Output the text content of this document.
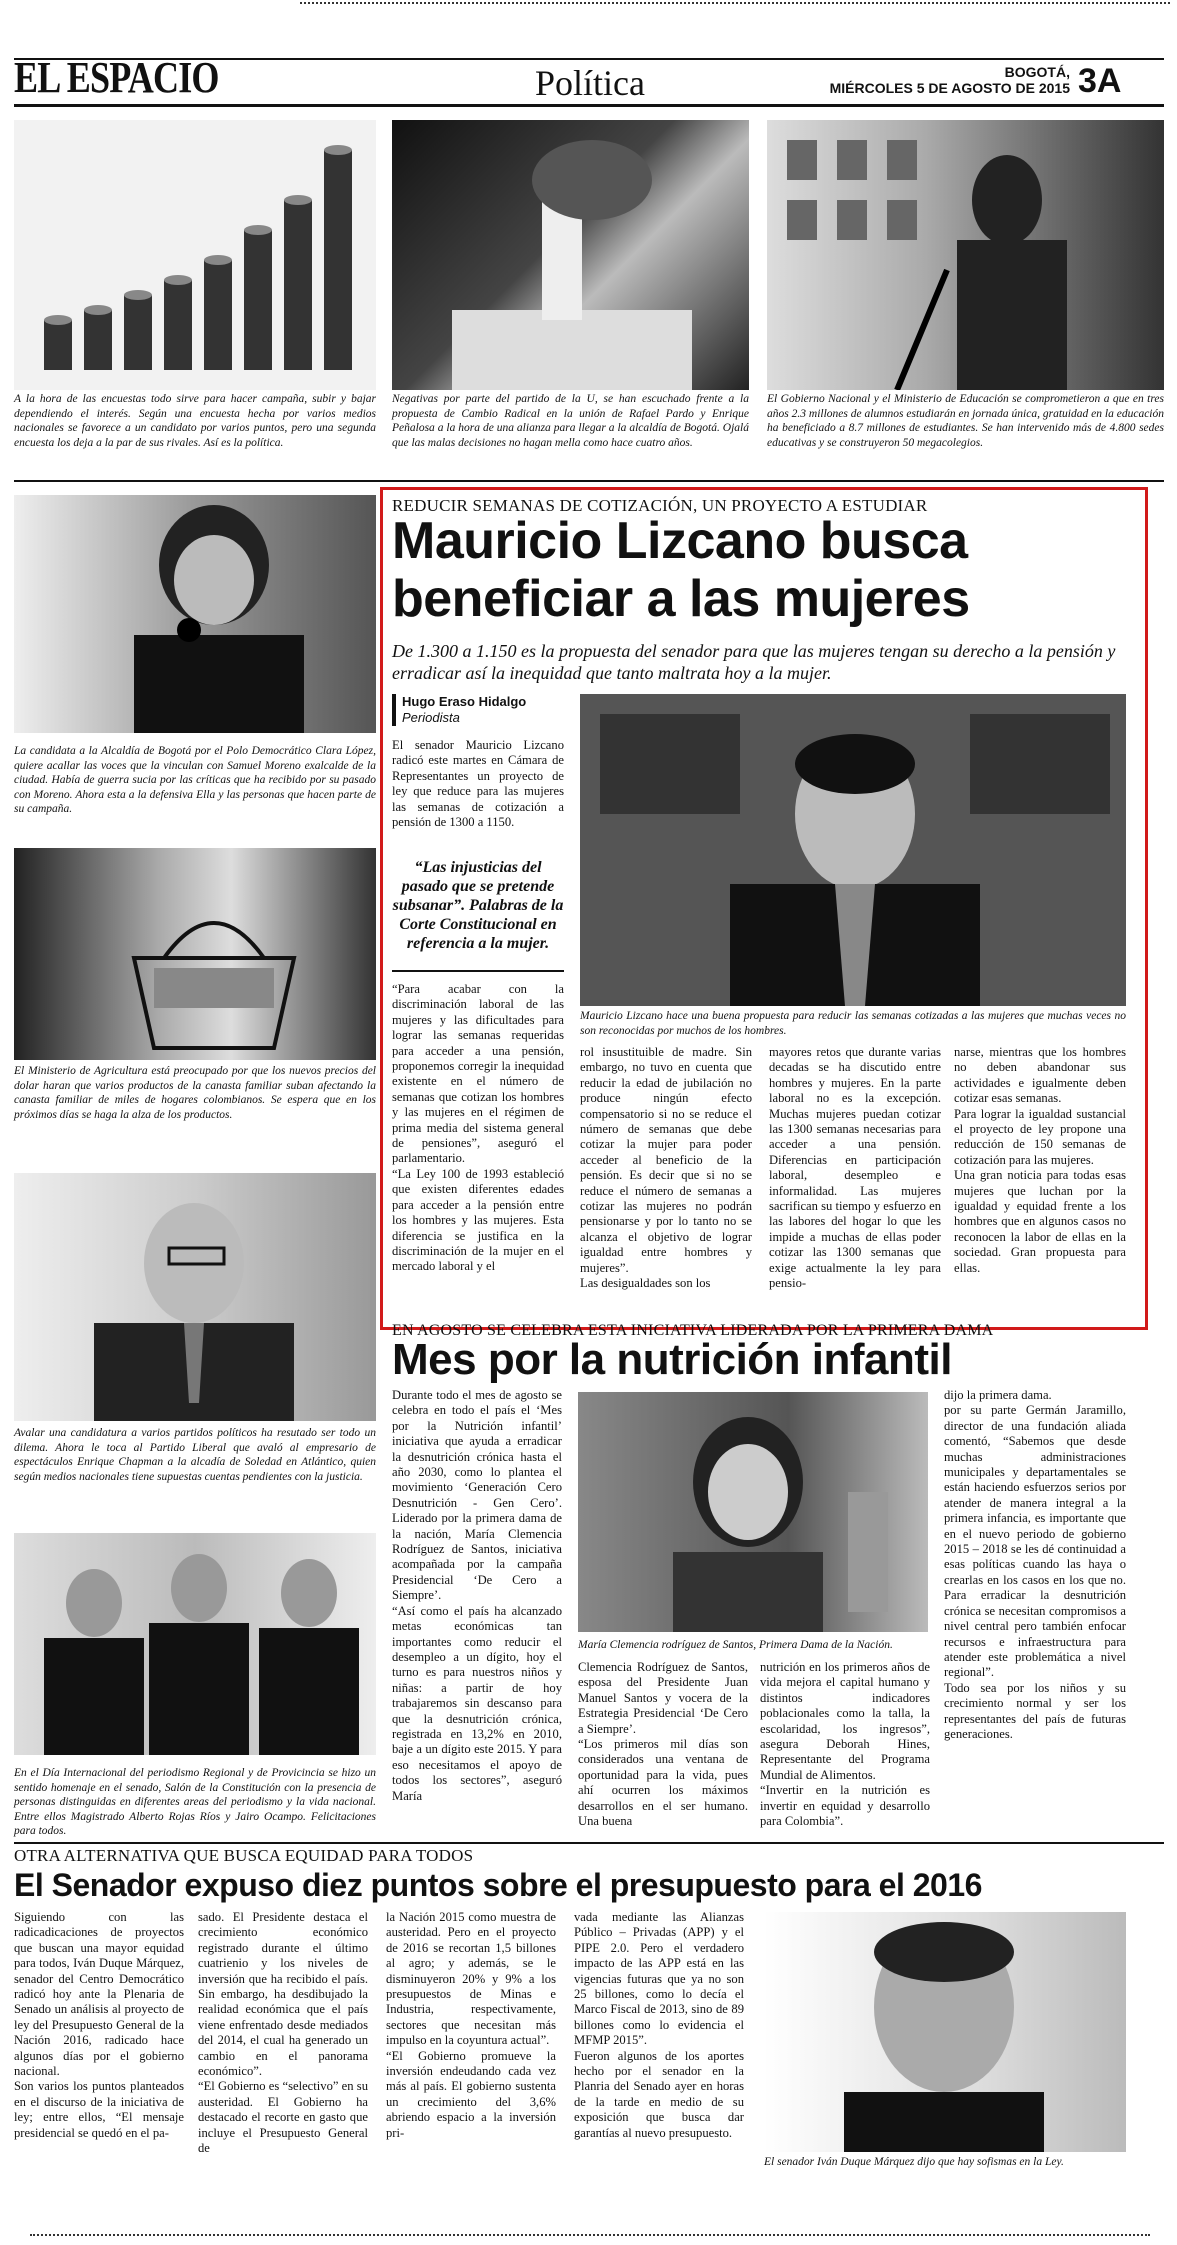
EL ESPACIO	Política	BOGOTÁ,
MIÉRCOLES 5 DE AGOSTO DE 2015 3A

A la hora de las encuestas todo sirve para hacer campaña, subir y bajar dependiendo el interés. Según una encuesta hecha por varios medios nacionales se favorece a un candidato por varios puntos, pero una segunda encuesta los deja a la par de sus rivales. Así es la política.

Negativas por parte del partido de la U, se han escuchado frente a la propuesta de Cambio Radical en la unión de Rafael Pardo y Enrique Peñalosa a la hora de una alianza para llegar a la alcaldía de Bogotá. Ojalá que las malas decisiones no hagan mella como hace cuatro años.

El Gobierno Nacional y el Ministerio de Educación se comprometieron a que en tres años 2.3 millones de alumnos estudiarán en jornada única, gratuidad en la educación ha beneficiado a 8.7 millones de estudiantes. Se han intervenido más de 4.800 sedes educativas y se construyeron 50 megacolegios.

La candidata a la Alcaldía de Bogotá por el Polo Democrático Clara López, quiere acallar las voces que la vinculan con Samuel Moreno exalcalde de la ciudad. Había de guerra sucia por las críticas que ha recibido por su pasado con Moreno. Ahora esta a la defensiva Ella y las personas que hacen parte de su campaña.

El Ministerio de Agricultura está preocupado por que los nuevos precios del dolar haran que varios productos de la canasta familiar suban afectando la canasta familiar de miles de hogares colombianos. Se espera que en los próximos días se haga la alza de los productos.

Avalar una candidatura a varios partidos políticos ha resutado ser todo un dilema. Ahora le toca al Partido Liberal que avaló al empresario de espectáculos Enrique Chapman a la alcadía de Soledad en Atlántico, quien según medios nacionales tiene supuestas cuentas pendientes con la justicia.

En el Día Internacional del periodismo Regional y de Provicincia se hizo un sentido homenaje en el senado, Salón de la Constitución con la presencia de personas distinguidas en diferentes areas del periodismo y la vida nacional. Entre ellos Magistrado Alberto Rojas Ríos y Jairo Ocampo. Felicitaciones para todos.

REDUCIR SEMANAS DE COTIZACIÓN, UN PROYECTO A ESTUDIAR
Mauricio Lizcano busca
beneficiar a las mujeres
De 1.300 a 1.150 es la propuesta del senador para que las mujeres tengan su derecho a la pensión y erradicar así la inequidad que tanto maltrata hoy a la mujer.
Hugo Eraso Hidalgo
Periodista

El senador Mauricio Lizcano radicó este martes en Cámara de Representantes un proyecto de ley que reduce para las mujeres las semanas de cotización a pensión de 1300 a 1150.

“Las injusticias del pasado que se pretende subsanar”. Palabras de la Corte Constitucional en referencia a la mujer.

Mauricio Lizcano hace una buena propuesta para reducir las semanas cotizadas a las mujeres que muchas veces no son reconocidas por muchos de los hombres.

“Para acabar con la discriminación laboral de las mujeres y las dificultades para lograr las semanas requeridas para acceder a una pensión, proponemos corregir la inequidad existente en el número de semanas que cotizan los hombres y las mujeres en el régimen de prima media del sistema general de pensiones”, aseguró el parlamentario.

“La Ley 100 de 1993 estableció que existen diferentes edades para acceder a la pensión entre los hombres y las mujeres. Esta diferencia se justifica en la discriminación de la mujer en el mercado laboral y el

rol insustituible de madre. Sin embargo, no tuvo en cuenta que reducir la edad de jubilación no produce ningún efecto compensatorio si no se reduce el número de semanas que debe cotizar la mujer para poder acceder al beneficio de la pensión. Es decir que si no se reduce el número de semanas a cotizar las mujeres no podrán pensionarse y por lo tanto no se alcanza el objetivo de lograr igualdad entre hombres y mujeres”.

Las desigualdades son los

mayores retos que durante varias decadas se ha discutido entre hombres y mujeres. En la parte laboral no es la excepción. Muchas mujeres puedan cotizar las 1300 semanas necesarias para acceder a una pensión. Diferencias en participación laboral, desempleo e informalidad. Las mujeres sacrifican su tiempo y esfuerzo en las labores del hogar lo que les impide a muchas de ellas poder cotizar las 1300 semanas que exige actualmente la ley para pensio-

narse, mientras que los hombres no deben abandonar sus actividades e igualmente deben cotizar esas semanas.

Para lograr la igualdad sustancial el proyecto de ley propone una reducción de 150 semanas de cotización para las mujeres.

Una gran noticia para todas esas mujeres que luchan por la igualdad y equidad frente a los hombres que en algunos casos no reconocen la labor de ellas en la sociedad. Gran propuesta para ellas.

EN AGOSTO SE CELEBRA ESTA INICIATIVA LIDERADA POR LA PRIMERA DAMA
Mes por la nutrición infantil

Durante todo el mes de agosto se celebra en todo el país el ‘Mes por la Nutrición infantil’ iniciativa que ayuda a erradicar la desnutrición crónica hasta el año 2030, como lo plantea el movimiento ‘Generación Cero Desnutrición - Gen Cero’. Liderado por la primera dama de la nación, María Clemencia Rodríguez de Santos, iniciativa acompañada por la campaña Presidencial ‘De Cero a Siempre’.

“Así como el país ha alcanzado metas económicas tan importantes como reducir el desempleo a un dígito, hoy el turno es para nuestros niños y niñas: a partir de hoy trabajaremos sin descanso para que la desnutrición crónica, registrada en 13,2% en 2010, baje a un dígito este 2015. Y para eso necesitamos el apoyo de todos los sectores”, aseguró María

María Clemencia rodríguez de Santos, Primera Dama de la Nación.

Clemencia Rodríguez de Santos, esposa del Presidente Juan Manuel Santos y vocera de la Estrategia Presidencial ‘De Cero a Siempre’.

“Los primeros mil días son considerados una ventana de oportunidad para la vida, pues ahí ocurren los máximos desarrollos en el ser humano. Una buena

nutrición en los primeros años de vida mejora el capital humano y distintos indicadores poblacionales como la talla, la escolaridad, los ingresos”, asegura Deborah Hines, Representante del Programa Mundial de Alimentos.

“Invertir en la nutrición es invertir en equidad y desarrollo para Colombia”.

dijo la primera dama.

por su parte Germán Jaramillo, director de una fundación aliada comentó, “Sabemos que desde muchas administraciones municipales y departamentales se están haciendo esfuerzos serios por atender de manera integral a la primera infancia, es importante que en el nuevo periodo de gobierno 2015 – 2018 se les dé continuidad a esas políticas cuando las haya o crearlas en los casos en los que no. Para erradicar la desnutrición crónica se necesitan compromisos a nivel central pero también enfocar recursos e infraestructura para atender este problemática a nivel regional”.

Todo sea por los niños y su crecimiento normal y ser los representantes del país de futuras generaciones.

OTRA ALTERNATIVA QUE BUSCA EQUIDAD PARA TODOS
El Senador expuso diez puntos sobre el presupuesto para el 2016

Siguiendo con las radicadicaciones de proyectos que buscan una mayor equidad para todos, Iván Duque Márquez, senador del Centro Democrático radicó hoy ante la Plenaria de Senado un análisis al proyecto de ley del Presupuesto General de la Nación 2016, radicado hace algunos días por el gobierno nacional.

Son varios los puntos planteados en el discurso de la iniciativa de ley; entre ellos, “El mensaje presidencial se quedó en el pa-

sado. El Presidente destaca el crecimiento económico registrado durante el último cuatrienio y los niveles de inversión que ha recibido el país. Sin embargo, ha desdibujado la realidad económica que el país viene enfrentado desde mediados del 2014, el cual ha generado un cambio en el panorama económico”.

“El Gobierno es “selectivo” en su austeridad. El Gobierno ha destacado el recorte en gasto que incluye el Presupuesto General de

la Nación 2015 como muestra de austeridad. Pero en el proyecto de 2016 se recortan 1,5 billones al agro; y además, se le disminuyeron 20% y 9% a los presupuestos de Minas e Industria, respectivamente, sectores que necesitan más impulso en la coyuntura actual”.

“El Gobierno promueve la inversión endeudando cada vez más al país. El gobierno sustenta un crecimiento del 3,6% abriendo espacio a la inversión pri-

vada mediante las Alianzas Público – Privadas (APP) y el PIPE 2.0. Pero el verdadero impacto de las APP está en las vigencias futuras que ya no son 25 billones, como lo decía el Marco Fiscal de 2013, sino de 89 billones como lo evidencia el MFMP 2015”.

Fueron algunos de los aportes hecho por el senador en la Planria del Senado ayer en horas de la tarde en medio de su exposición que busca dar garantías al nuevo presupuesto.

El senador Iván Duque Márquez dijo que hay sofismas en la Ley.
